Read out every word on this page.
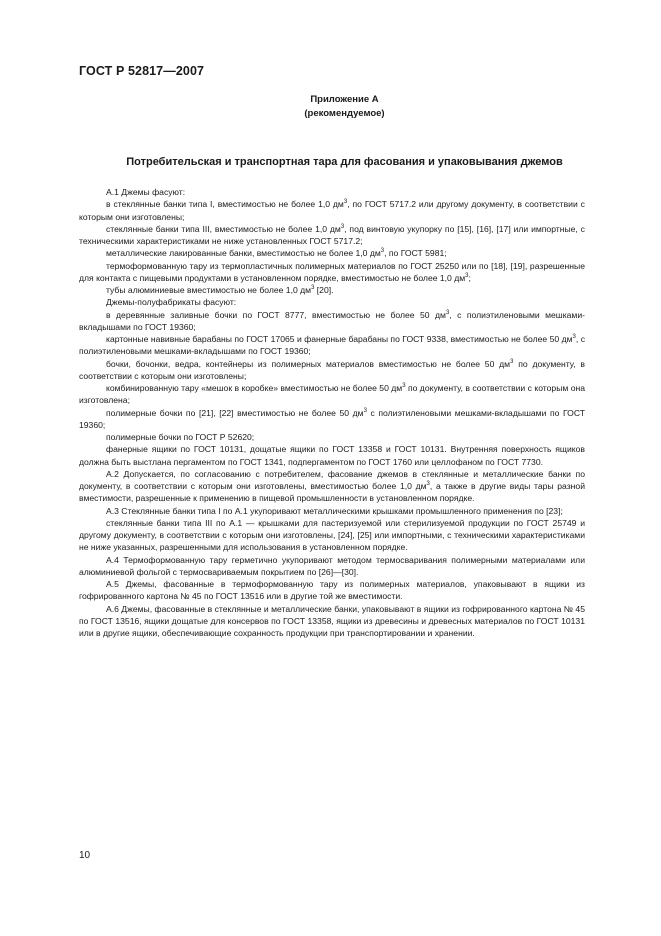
ГОСТ Р 52817—2007
Приложение А
(рекомендуемое)
Потребительская и транспортная тара для фасования и упаковывания джемов

А.1 Джемы фасуют:

в стеклянные банки типа I, вместимостью не более 1,0 $дм^3$, по ГОСТ 5717.2 или другому документу, в соответствии с которым они изготовлены;

стеклянные банки типа III, вместимостью не более 1,0 $дм^3$, под винтовую укупорку по [15], [16], [17] или импортные, с техническими характеристиками не ниже установленных ГОСТ 5717.2;

металлические лакированные банки, вместимостью не более 1,0 $дм^3$, по ГОСТ 5981;

термоформованную тару из термопластичных полимерных материалов по ГОСТ 25250 или по [18], [19], разрешенные для контакта с пищевыми продуктами в установленном порядке, вместимостью не более 1,0 $дм^3$;

тубы алюминиевые вместимостью не более 1,0 $дм^3$ [20].

Джемы-полуфабрикаты фасуют:

в деревянные заливные бочки по ГОСТ 8777, вместимостью не более 50 $дм^3$, с полиэтиленовыми мешками-вкладышами по ГОСТ 19360;

картонные навивные барабаны по ГОСТ 17065 и фанерные барабаны по ГОСТ 9338, вместимостью не более 50 $дм^3$, с полиэтиленовыми мешками-вкладышами по ГОСТ 19360;

бочки, бочонки, ведра, контейнеры из полимерных материалов вместимостью не более 50 $дм^3$ по документу, в соответствии с которым они изготовлены;

комбинированную тару «мешок в коробке» вместимостью не более 50 $дм^3$ по документу, в соответствии с которым она изготовлена;

полимерные бочки по [21], [22] вместимостью не более 50 $дм^3$ с полиэтиленовыми мешками-вкладышами по ГОСТ 19360;

полимерные бочки по ГОСТ Р 52620;

фанерные ящики по ГОСТ 10131, дощатые ящики по ГОСТ 13358 и ГОСТ 10131. Внутренняя поверхность ящиков должна быть выстлана пергаментом по ГОСТ 1341, подпергаментом по ГОСТ 1760 или целлофаном по ГОСТ 7730.

А.2 Допускается, по согласованию с потребителем, фасование джемов в стеклянные и металлические банки по документу, в соответствии с которым они изготовлены, вместимостью более 1,0 $дм^3$, а также в другие виды тары разной вместимости, разрешенные к применению в пищевой промышленности в установленном порядке.

А.3 Стеклянные банки типа I по А.1 укупоривают металлическими крышками промышленного применения по [23];

стеклянные банки типа III по А.1 — крышками для пастеризуемой или стерилизуемой продукции по ГОСТ 25749 и другому документу, в соответствии с которым они изготовлены, [24], [25] или импортными, с техническими характеристиками не ниже указанных, разрешенными для использования в установленном порядке.

А.4 Термоформованную тару герметично укупоривают методом термосваривания полимерными материалами или алюминиевой фольгой с термосвариваемым покрытием по [26]—[30].

А.5 Джемы, фасованные в термоформованную тару из полимерных материалов, упаковывают в ящики из гофрированного картона № 45 по ГОСТ 13516 или в другие той же вместимости.

А.6 Джемы, фасованные в стеклянные и металлические банки, упаковывают в ящики из гофрированного картона № 45 по ГОСТ 13516, ящики дощатые для консервов по ГОСТ 13358, ящики из древесины и древесных материалов по ГОСТ 10131 или в другие ящики, обеспечивающие сохранность продукции при транспортировании и хранении.

10
